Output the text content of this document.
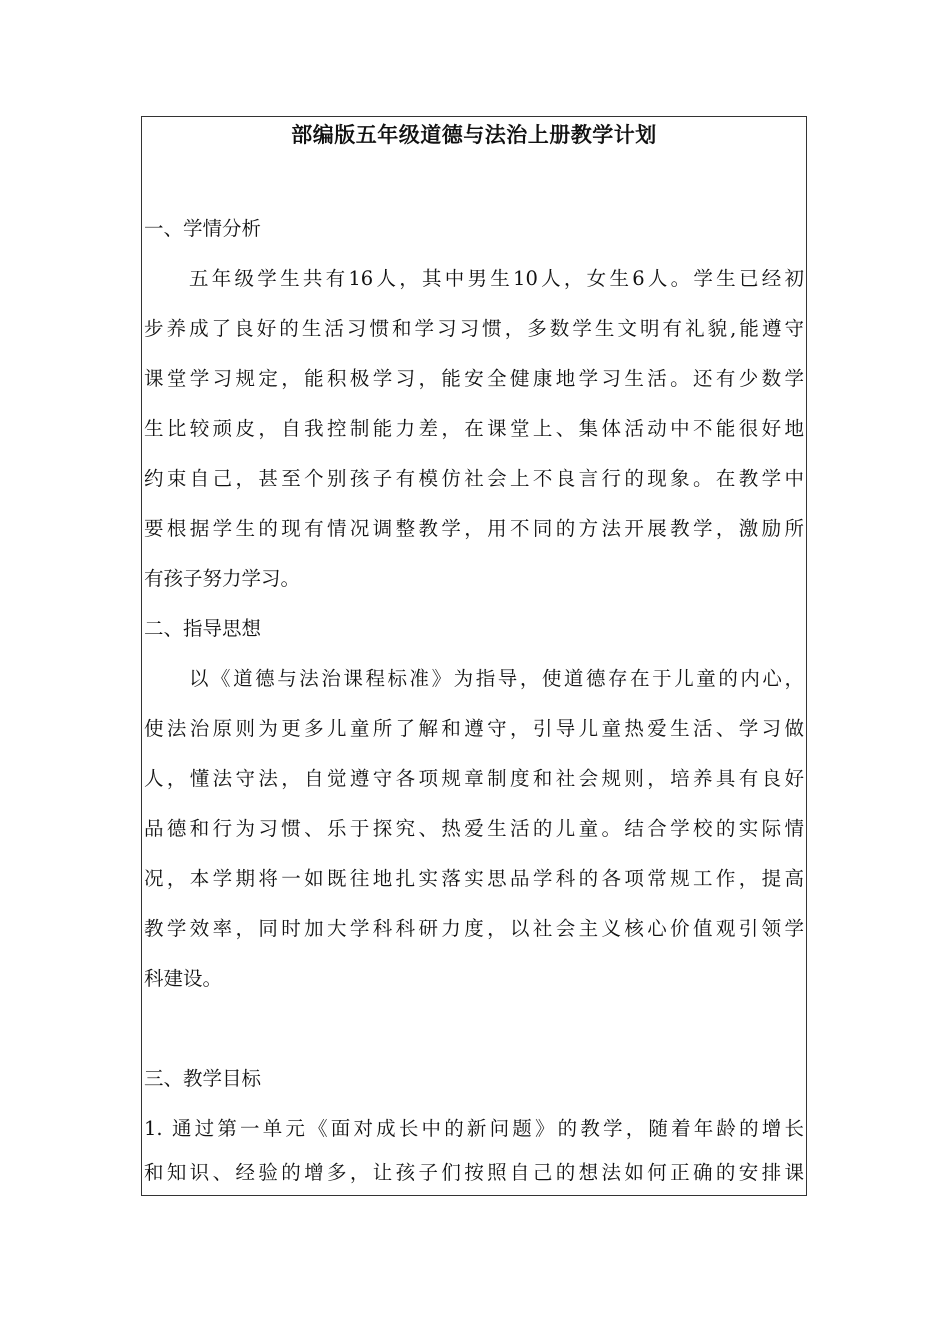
部编版五年级道德与法治上册教学计划
一、学情分析
五年级学生共有16人，其中男生10人，女生6人。学生已经初
步养成了良好的生活习惯和学习习惯，多数学生文明有礼貌,能遵守
课堂学习规定，能积极学习，能安全健康地学习生活。还有少数学
生比较顽皮，自我控制能力差，在课堂上、集体活动中不能很好地
约束自己，甚至个别孩子有模仿社会上不良言行的现象。在教学中
要根据学生的现有情况调整教学，用不同的方法开展教学，激励所
有孩子努力学习。
二、指导思想
以《道德与法治课程标准》为指导，使道德存在于儿童的内心，
使法治原则为更多儿童所了解和遵守，引导儿童热爱生活、学习做
人，懂法守法，自觉遵守各项规章制度和社会规则，培养具有良好
品德和行为习惯、乐于探究、热爱生活的儿童。结合学校的实际情
况，本学期将一如既往地扎实落实思品学科的各项常规工作，提高
教学效率，同时加大学科科研力度，以社会主义核心价值观引领学
科建设。
三、教学目标
1. 通过第一单元《面对成长中的新问题》的教学，随着年龄的增长
和知识、经验的增多，让孩子们按照自己的想法如何正确的安排课
